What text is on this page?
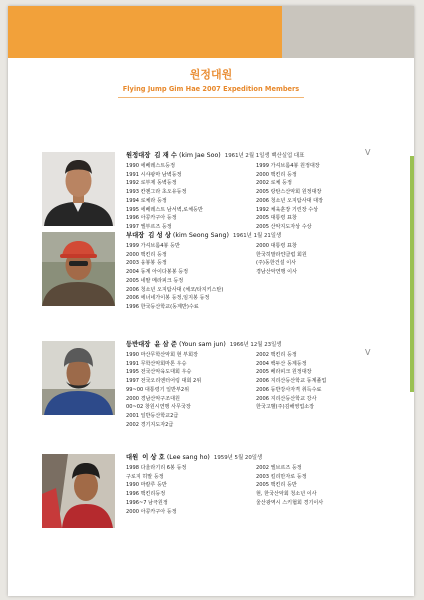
원정대원
Flying Jump Gim Hae 2007 Expedition Members
원정대장 김 재 수 (kim Jae Soo) 1961년 2월 1일생 백산실업 대표
1990 에베레스트등정
1991 시샤팡마 남벽등정
1992 로부제 동벽등정
1993 칸첸그라 초오유등정
1994 로체라 등정
1995 에베레스트 남서벽,로체등반
1996 아콩카구아 등정
1997 엘부르즈 등정
1999 가셔브롬4봉 원정대장
2000 맥킨리 등정
2002 로체 등정
2005 랑탄스산악회 원정대장
2006 청소년 오지탐사대 대장
1992 체육훈장 기린장 수상
2005 대통령 표창
2005 산악지도자상 수상
V
부대장 김 성 상 (kim Seong Sang) 1961년 1월 21일생
1999 가셔브롬4봉 등반
2000 맥킨리 등정
2003 웅봉봉 등정
2004 동계 아이다봉봉 등정
2005 네팔 메라피크 등정
2006 청소년 오지탐사대 (체코/타지키스탄)
2006 에너네가이봉 등정,임지봉 등정
1996 한국등산학교(동계반)수료
2000 대통령 표창
한국히말라얀클럽 회원
(주)동한건설 이사
경남산악연맹 이사
등반대장 윤 삼 준 (Youn sam jun) 1966년 12월 23일생
1990 마산무학산악회 현 부회장
1991 무학산악회마톤 우승
1995 전국산악육도대회 우승
1997 전국오리엔터어링 대회 2위
99~00 대통령기 일반부2위
2000 경남산악구조대원
00~02 창원시연맹 사무국장
2001 일반등산학교2급
2002 경기지도자2급
2002 맥킨리 등정
2004 백두산 동계등정
2005 베라피크 원정대장
2006 지리산등산학교 동계졸업
2006 등반강사자격 취득수료
2006 지리산등산학교 강사
한국고벨(주)김해영업소장
V
대원 이 상 호 (Lee sang ho) 1959년 5월 20일생
1998 다울라기리 6봉 등정
구로지 히말 등정
1990 마칼루 등반
1996 맥킨리등정
1996~7 남극원정
2000 아콩카구아 등정
2002 엘브르즈 등정
2003 킬리만자로 등정
2005 맥킨리 등반
현, 한국산악회 청소년 이사
울산광역시 스키협회 경기이사
